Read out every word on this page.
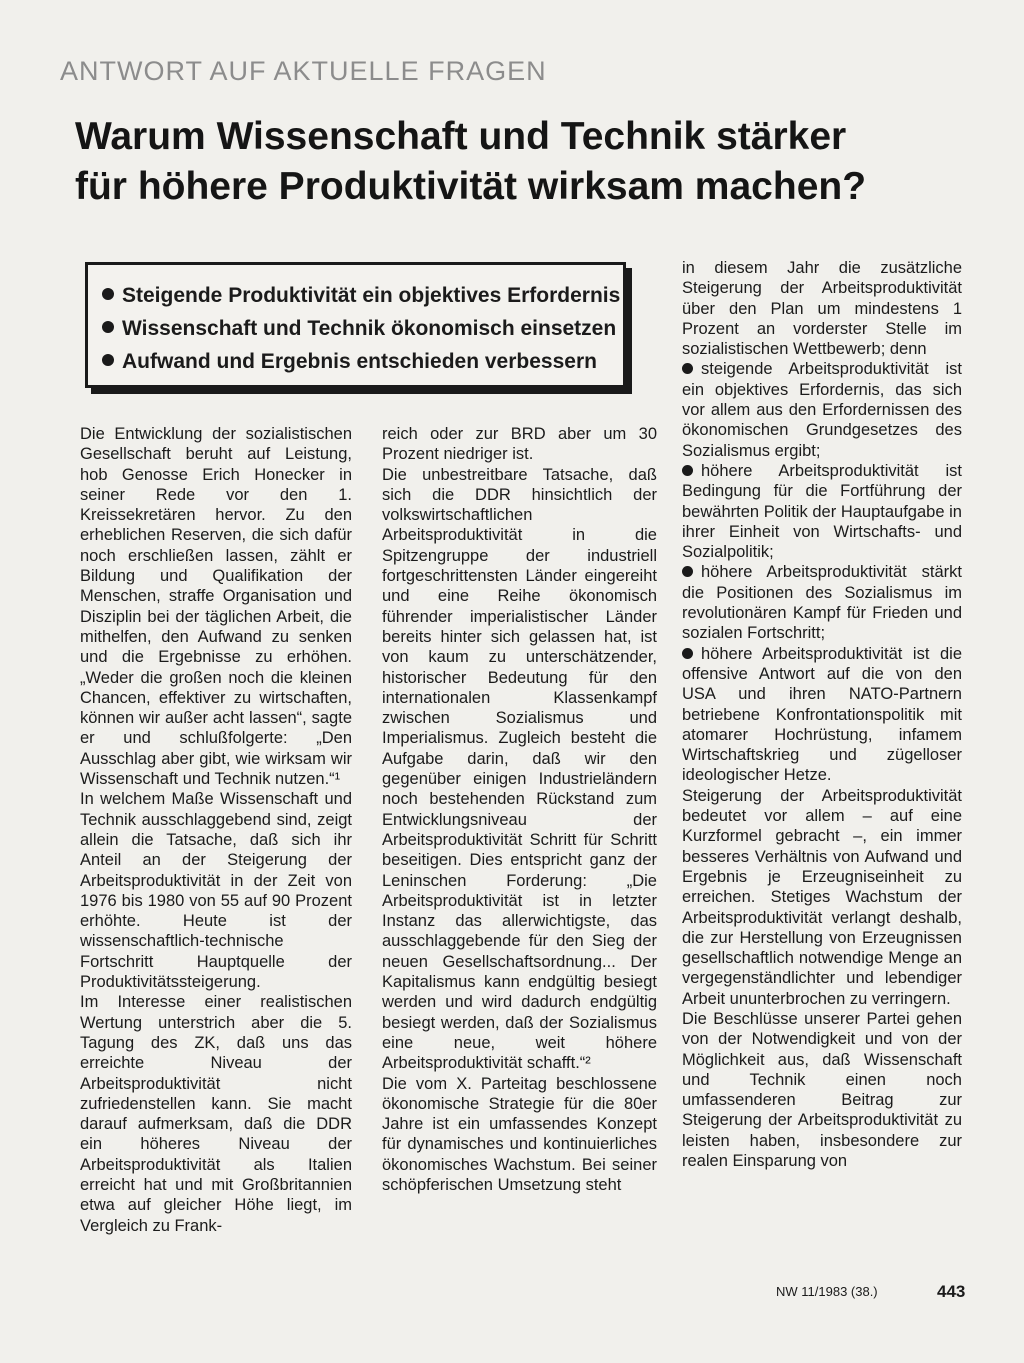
ANTWORT AUF AKTUELLE FRAGEN
Warum Wissenschaft und Technik stärker
für höhere Produktivität wirksam machen?
Steigende Produktivität ein objektives Erfordernis
Wissenschaft und Technik ökonomisch einsetzen
Aufwand und Ergebnis entschieden verbessern

Die Entwicklung der sozialistischen Gesellschaft beruht auf Leistung, hob Genosse Erich Honecker in seiner Rede vor den 1. Kreissekretären hervor. Zu den erheblichen Reserven, die sich dafür noch erschließen lassen, zählt er Bildung und Qualifikation der Menschen, straffe Organisation und Disziplin bei der täglichen Arbeit, die mithelfen, den Aufwand zu senken und die Ergebnisse zu erhöhen. „Weder die großen noch die kleinen Chancen, effektiver zu wirtschaften, können wir außer acht lassen“, sagte er und schlußfolgerte: „Den Ausschlag aber gibt, wie wirksam wir Wissenschaft und Technik nutzen.“¹

In welchem Maße Wissenschaft und Technik ausschlaggebend sind, zeigt allein die Tatsache, daß sich ihr Anteil an der Steigerung der Arbeitsproduktivität in der Zeit von 1976 bis 1980 von 55 auf 90 Prozent erhöhte. Heute ist der wissenschaftlich-technische Fortschritt Hauptquelle der Produktivitätssteigerung.

Im Interesse einer realistischen Wertung unterstrich aber die 5. Tagung des ZK, daß uns das erreichte Niveau der Arbeitsproduktivität nicht zufriedenstellen kann. Sie macht darauf aufmerksam, daß die DDR ein höheres Niveau der Arbeitsproduktivität als Italien erreicht hat und mit Großbritannien etwa auf gleicher Höhe liegt, im Vergleich zu Frank-

reich oder zur BRD aber um 30 Prozent niedriger ist.

Die unbestreitbare Tatsache, daß sich die DDR hinsichtlich der volkswirtschaftlichen Arbeitsproduktivität in die Spitzengruppe der industriell fortgeschrittensten Länder eingereiht und eine Reihe ökonomisch führender imperialistischer Länder bereits hinter sich gelassen hat, ist von kaum zu unterschätzender, historischer Bedeutung für den internationalen Klassenkampf zwischen Sozialismus und Imperialismus. Zugleich besteht die Aufgabe darin, daß wir den gegenüber einigen Industrieländern noch bestehenden Rückstand zum Entwicklungsniveau der Arbeitsproduktivität Schritt für Schritt beseitigen. Dies entspricht ganz der Leninschen Forderung: „Die Arbeitsproduktivität ist in letzter Instanz das allerwichtigste, das ausschlaggebende für den Sieg der neuen Gesellschaftsordnung... Der Kapitalismus kann endgültig besiegt werden und wird dadurch endgültig besiegt werden, daß der Sozialismus eine neue, weit höhere Arbeitsproduktivität schafft.“²

Die vom X. Parteitag beschlossene ökonomische Strategie für die 80er Jahre ist ein umfassendes Konzept für dynamisches und kontinuierliches ökonomisches Wachstum. Bei seiner schöpferischen Umsetzung steht

in diesem Jahr die zusätzliche Steigerung der Arbeitsproduktivität über den Plan um mindestens 1 Prozent an vorderster Stelle im sozialistischen Wettbewerb; denn

steigende Arbeitsproduktivität ist ein objektives Erfordernis, das sich vor allem aus den Erfordernissen des ökonomischen Grundgesetzes des Sozialismus ergibt;

höhere Arbeitsproduktivität ist Bedingung für die Fortführung der bewährten Politik der Hauptaufgabe in ihrer Einheit von Wirtschafts- und Sozialpolitik;

höhere Arbeitsproduktivität stärkt die Positionen des Sozialismus im revolutionären Kampf für Frieden und sozialen Fortschritt;

höhere Arbeitsproduktivität ist die offensive Antwort auf die von den USA und ihren NATO-Partnern betriebene Konfrontationspolitik mit atomarer Hochrüstung, infamem Wirtschaftskrieg und zügelloser ideologischer Hetze.

Steigerung der Arbeitsproduktivität bedeutet vor allem – auf eine Kurzformel gebracht –, ein immer besseres Verhältnis von Aufwand und Ergebnis je Erzeugniseinheit zu erreichen. Stetiges Wachstum der Arbeitsproduktivität verlangt deshalb, die zur Herstellung von Erzeugnissen gesellschaftlich notwendige Menge an vergegenständlichter und lebendiger Arbeit ununterbrochen zu verringern.

Die Beschlüsse unserer Partei gehen von der Notwendigkeit und von der Möglichkeit aus, daß Wissenschaft und Technik einen noch umfassenderen Beitrag zur Steigerung der Arbeitsproduktivität zu leisten haben, insbesondere zur realen Einsparung von

NW 11/1983 (38.)	443
